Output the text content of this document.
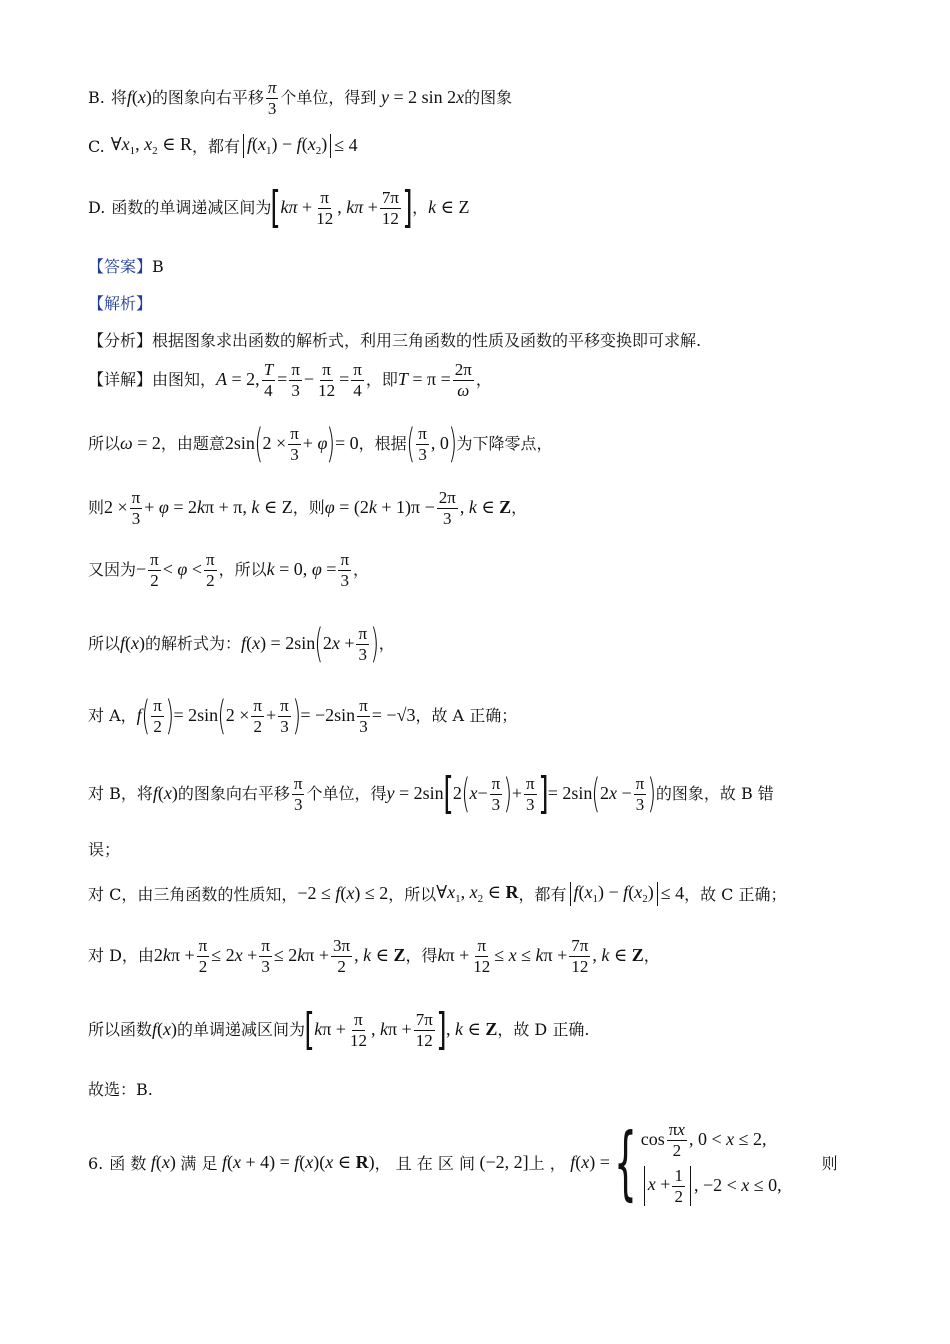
B. 将 f(x) 的图象向右平移 $\frac{\pi}{3}$ 个单位，得到 y = 2 sin 2x 的图象
C. $\forall x_1$, $x_2$ ∈ R ，都有 $f(x_1) - f(x_2) \le 4$
D. 函数的单调递减区间为 [ $k\pi + \frac{\pi}{12}$ , $k\pi + \frac{7\pi}{12}$ ] ， k ∈ Z
【答案】 B
【解析】
【分析】 根据图象求出函数的解析式，利用三角函数的性质及函数的平移变换即可求解.
【详解】 由图知， A = 2, $\frac{T}{4} = \frac{\pi}{3} - \frac{\pi}{12} = \frac{\pi}{4}$ ，即 $T = \pi = \frac{2\pi}{\omega}$ ，
所以 ω = 2 ，由题意 2sin ( $2 \times \frac{\pi}{3} + \varphi$ ) = 0 ，根据 ( $\frac{\pi}{3}$ , 0 ) 为下降零点，
则 $2 \times \frac{\pi}{3} + \varphi = 2k\pi + \pi$, k ∈ Z ，则 $\varphi = (2k + 1)\pi - \frac{2\pi}{3}$ , k ∈ Z ，
又因为 − $\frac{\pi}{2} < \varphi < \frac{\pi}{2}$ ，所以 k = 0, $\varphi = \frac{\pi}{3}$ ，
所以 f(x) 的解析式为： f(x) = 2sin ( $2x + \frac{\pi}{3}$ ) ，
对 A， f ( $\frac{\pi}{2}$ ) = 2sin ( $2 \times \frac{\pi}{2} + \frac{\pi}{3}$ ) = $-2\sin \frac{\pi}{3} = -√3$ ，故 A 正确；
对 B，将 f(x) 的图象向右平移 $\frac{\pi}{3}$ 个单位，得 y = 2sin [ 2 ( $x - \frac{\pi}{3}$ ) + $\frac{\pi}{3}$ ] = 2sin ( $2x - \frac{\pi}{3}$ ) 的图象，故 B 错
误；
对 C，由三角函数的性质知， −2 ≤ f(x) ≤ 2 ，所以 $\forall x_1$, $x_2$ ∈ R ，都有 $f(x_1) - f(x_2) \le 4$ ，故 C 正确；
对 D，由 $2k\pi + \frac{\pi}{2} \le 2x + \frac{\pi}{3} \le 2k\pi + \frac{3\pi}{2}$ , k ∈ Z ，得 $k\pi + \frac{\pi}{12} \le x \le k\pi + \frac{7\pi}{12}$ , k ∈ Z ，
所以函数 f(x) 的单调递减区间为 [ $k\pi + \frac{\pi}{12}$ , $k\pi + \frac{7\pi}{12}$ ] , k ∈ Z ，故 D 正确.
故选：B.
6. 函 数 f(x) 满 足 f(x + 4) = f(x)(x ∈ R) ， 且 在 区 间 (−2, 2] 上 ， f(x) = { $\cos \frac{\pi x}{2}$ , 0 < x ≤ 2,
$x + \frac{1}{2}$ , −2 < x ≤ 0,
则
